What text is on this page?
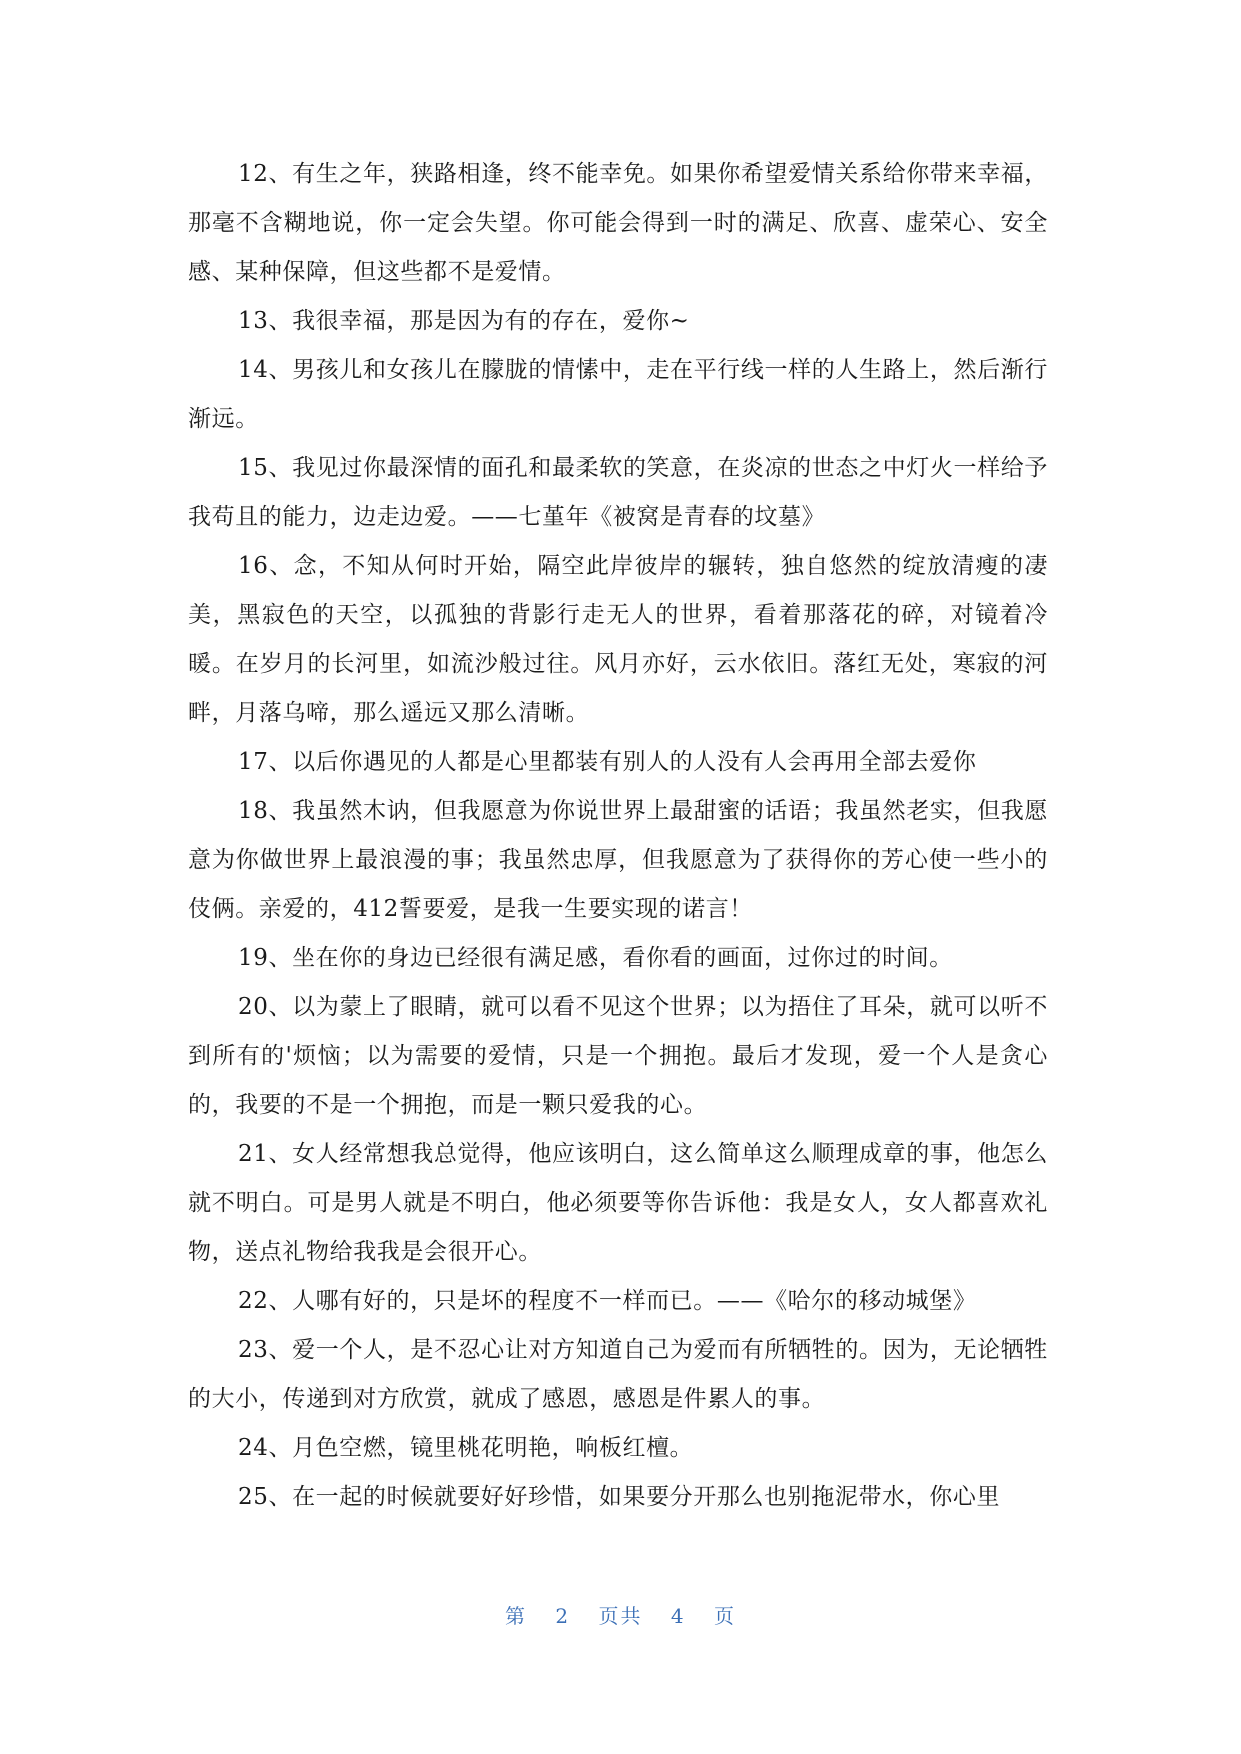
12、有生之年，狭路相逢，终不能幸免。如果你希望爱情关系给你带来幸福，那毫不含糊地说，你一定会失望。你可能会得到一时的满足、欣喜、虚荣心、安全感、某种保障，但这些都不是爱情。

13、我很幸福，那是因为有的存在，爱你~

14、男孩儿和女孩儿在朦胧的情愫中，走在平行线一样的人生路上，然后渐行渐远。

15、我见过你最深情的面孔和最柔软的笑意，在炎凉的世态之中灯火一样给予我苟且的能力，边走边爱。——七堇年《被窝是青春的坟墓》

16、念，不知从何时开始，隔空此岸彼岸的辗转，独自悠然的绽放清瘦的凄美，黑寂色的天空，以孤独的背影行走无人的世界，看着那落花的碎，对镜着冷暖。在岁月的长河里，如流沙般过往。风月亦好，云水依旧。落红无处，寒寂的河畔，月落乌啼，那么遥远又那么清晰。

17、以后你遇见的人都是心里都装有别人的人没有人会再用全部去爱你

18、我虽然木讷，但我愿意为你说世界上最甜蜜的话语；我虽然老实，但我愿意为你做世界上最浪漫的事；我虽然忠厚，但我愿意为了获得你的芳心使一些小的伎俩。亲爱的，412誓要爱，是我一生要实现的诺言！

19、坐在你的身边已经很有满足感，看你看的画面，过你过的时间。

20、以为蒙上了眼睛，就可以看不见这个世界；以为捂住了耳朵，就可以听不到所有的'烦恼；以为需要的爱情，只是一个拥抱。最后才发现，爱一个人是贪心的，我要的不是一个拥抱，而是一颗只爱我的心。

21、女人经常想我总觉得，他应该明白，这么简单这么顺理成章的事，他怎么就不明白。可是男人就是不明白，他必须要等你告诉他：我是女人，女人都喜欢礼物，送点礼物给我我是会很开心。

22、人哪有好的，只是坏的程度不一样而已。——《哈尔的移动城堡》

23、爱一个人，是不忍心让对方知道自己为爱而有所牺牲的。因为，无论牺牲的大小，传递到对方欣赏，就成了感恩，感恩是件累人的事。

24、月色空燃，镜里桃花明艳，响板红檀。

25、在一起的时候就要好好珍惜，如果要分开那么也别拖泥带水，你心里

第 2 页共 4 页
